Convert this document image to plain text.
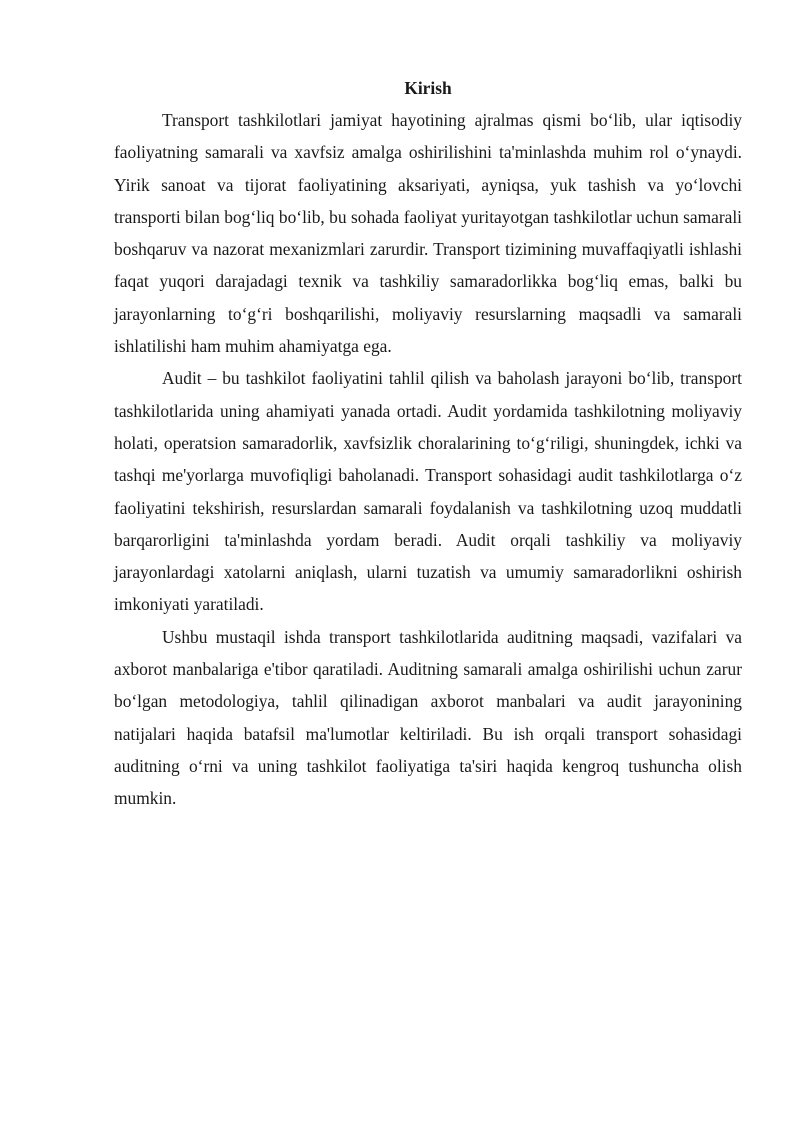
Kirish

Transport tashkilotlari jamiyat hayotining ajralmas qismi bo‘lib, ular iqtisodiy faoliyatning samarali va xavfsiz amalga oshirilishini ta'minlashda muhim rol o‘ynaydi. Yirik sanoat va tijorat faoliyatining aksariyati, ayniqsa, yuk tashish va yo‘lovchi transporti bilan bog‘liq bo‘lib, bu sohada faoliyat yuritayotgan tashkilotlar uchun samarali boshqaruv va nazorat mexanizmlari zarurdir. Transport tizimining muvaffaqiyatli ishlashi faqat yuqori darajadagi texnik va tashkiliy samaradorlikka bog‘liq emas, balki bu jarayonlarning to‘g‘ri boshqarilishi, moliyaviy resurslarning maqsadli va samarali ishlatilishi ham muhim ahamiyatga ega.

Audit – bu tashkilot faoliyatini tahlil qilish va baholash jarayoni bo‘lib, transport tashkilotlarida uning ahamiyati yanada ortadi. Audit yordamida tashkilotning moliyaviy holati, operatsion samaradorlik, xavfsizlik choralarining to‘g‘riligi, shuningdek, ichki va tashqi me'yorlarga muvofiqligi baholanadi. Transport sohasidagi audit tashkilotlarga o‘z faoliyatini tekshirish, resurslardan samarali foydalanish va tashkilotning uzoq muddatli barqarorligini ta'minlashda yordam beradi. Audit orqali tashkiliy va moliyaviy jarayonlardagi xatolarni aniqlash, ularni tuzatish va umumiy samaradorlikni oshirish imkoniyati yaratiladi.

Ushbu mustaqil ishda transport tashkilotlarida auditning maqsadi, vazifalari va axborot manbalariga e'tibor qaratiladi. Auditning samarali amalga oshirilishi uchun zarur bo‘lgan metodologiya, tahlil qilinadigan axborot manbalari va audit jarayonining natijalari haqida batafsil ma'lumotlar keltiriladi. Bu ish orqali transport sohasidagi auditning o‘rni va uning tashkilot faoliyatiga ta'siri haqida kengroq tushuncha olish mumkin.
